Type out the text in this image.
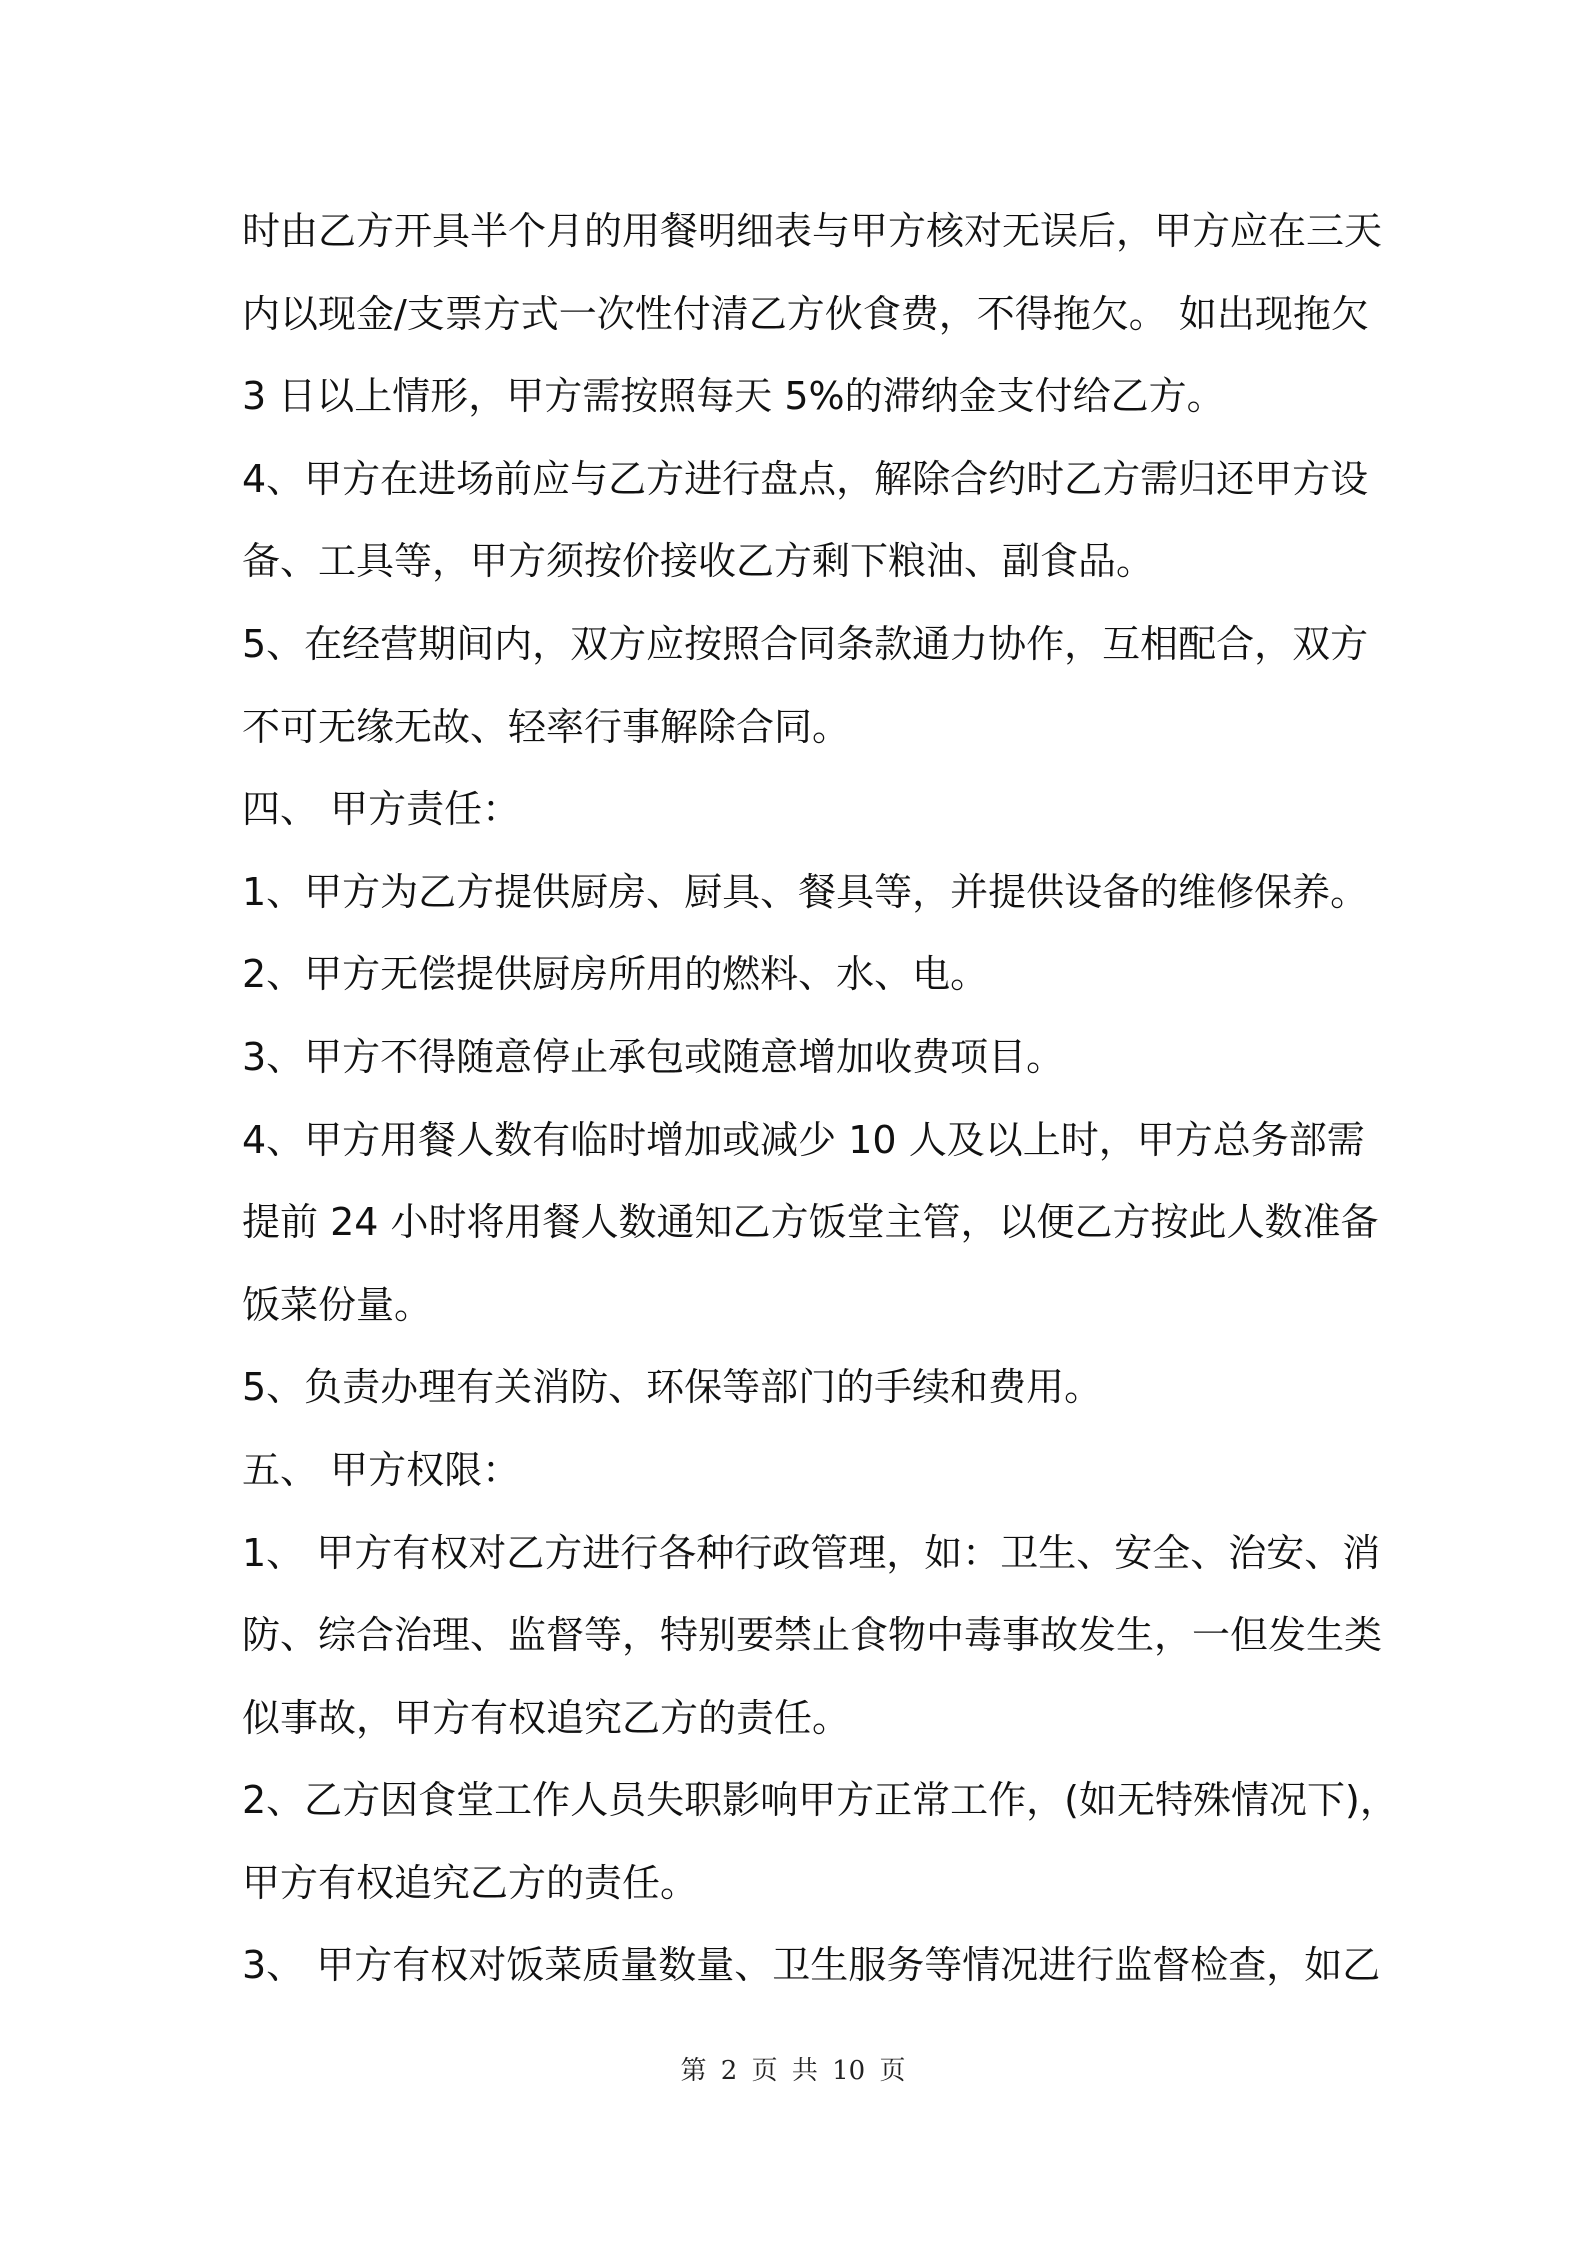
时由乙方开具半个月的用餐明细表与甲方核对无误后，甲方应在三天
内以现金/支票方式一次性付清乙方伙食费，不得拖欠。 如出现拖欠
3 日以上情形，甲方需按照每天 5%的滞纳金支付给乙方。
4、甲方在进场前应与乙方进行盘点，解除合约时乙方需归还甲方设
备、工具等，甲方须按价接收乙方剩下粮油、副食品。
5、在经营期间内，双方应按照合同条款通力协作，互相配合，双方
不可无缘无故、轻率行事解除合同。
四、 甲方责任：
1、甲方为乙方提供厨房、厨具、餐具等，并提供设备的维修保养。
2、甲方无偿提供厨房所用的燃料、水、电。
3、甲方不得随意停止承包或随意增加收费项目。
4、甲方用餐人数有临时增加或减少 10 人及以上时，甲方总务部需
提前 24 小时将用餐人数通知乙方饭堂主管，以便乙方按此人数准备
饭菜份量。
5、负责办理有关消防、环保等部门的手续和费用。
五、 甲方权限：
1、 甲方有权对乙方进行各种行政管理，如：卫生、安全、治安、消
防、综合治理、监督等，特别要禁止食物中毒事故发生，一但发生类
似事故，甲方有权追究乙方的责任。
2、乙方因食堂工作人员失职影响甲方正常工作，(如无特殊情况下)，
甲方有权追究乙方的责任。
3、 甲方有权对饭菜质量数量、卫生服务等情况进行监督检查，如乙
第 2 页 共 10 页
